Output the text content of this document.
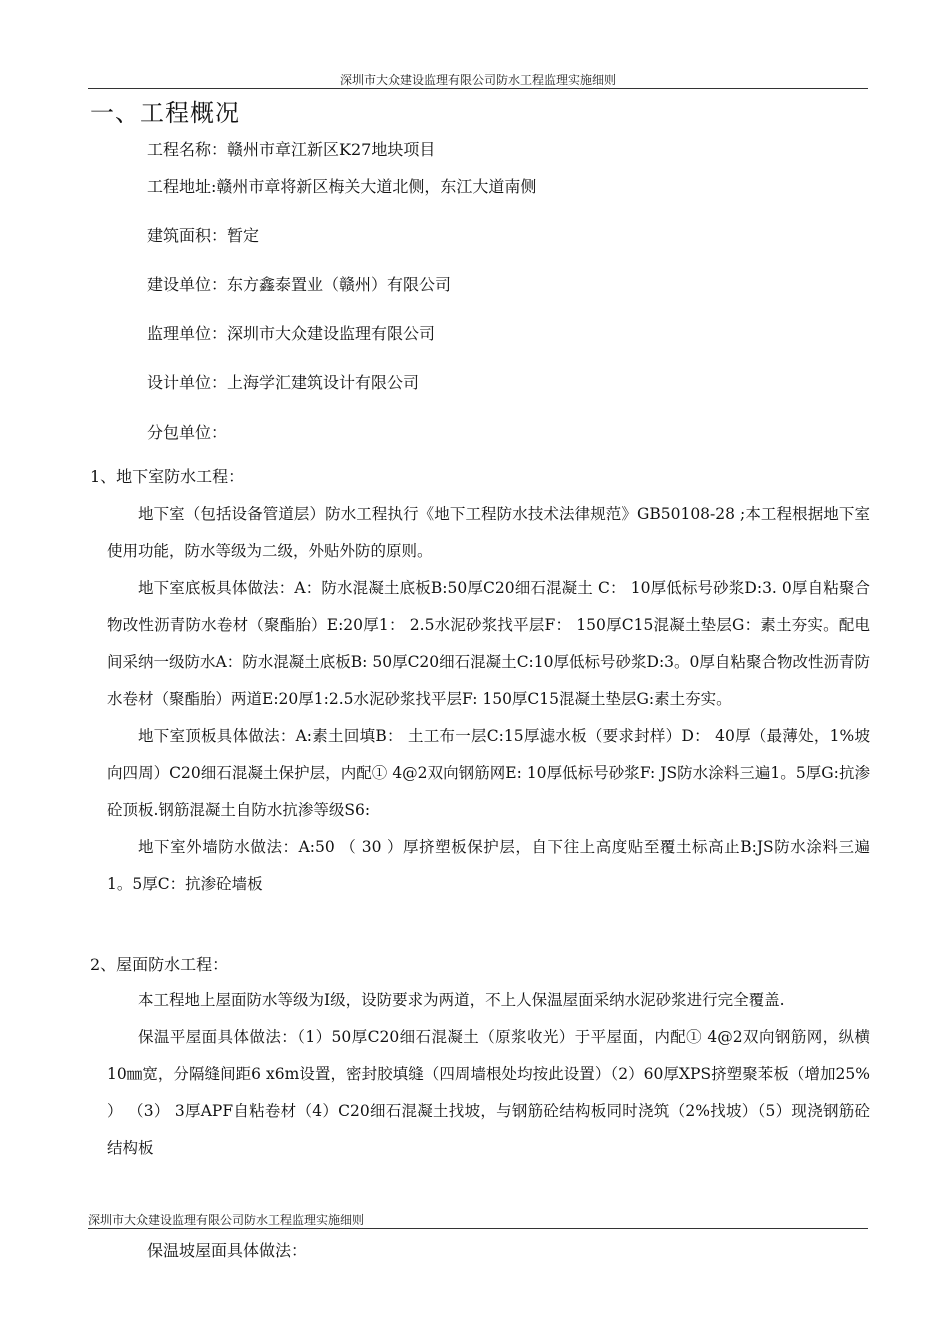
深圳市大众建设监理有限公司防水工程监理实施细则
一、工程概况
工程名称：赣州市章江新区K27地块项目
工程地址:赣州市章将新区梅关大道北侧，东江大道南侧
建筑面积：暂定
建设单位：东方鑫泰置业（赣州）有限公司
监理单位：深圳市大众建设监理有限公司
设计单位：上海学汇建筑设计有限公司
分包单位：
1、地下室防水工程：

地下室（包括设备管道层）防水工程执行《地下工程防水技术法律规范》GB50108-28 ;本工程根据地下室使用功能，防水等级为二级，外贴外防的原则。

地下室底板具体做法：A：防水混凝土底板B:50厚C20细石混凝土 C： 10厚低标号砂浆D:3. 0厚自粘聚合物改性沥青防水卷材（聚酯胎）E:20厚1： 2.5水泥砂浆找平层F： 150厚C15混凝土垫层G：素土夯实。配电间采纳一级防水A：防水混凝土底板B: 50厚C20细石混凝土C:10厚低标号砂浆D:3。0厚自粘聚合物改性沥青防水卷材（聚酯胎）两道E:20厚1:2.5水泥砂浆找平层F: 150厚C15混凝土垫层G:素土夯实。

地下室顶板具体做法：A:素土回填B： 土工布一层C:15厚滤水板（要求封样）D： 40厚（最薄处，1%坡向四周）C20细石混凝土保护层，内配① 4@2双向钢筋网E: 10厚低标号砂浆F: JS防水涂料三遍1。5厚G:抗渗砼顶板.钢筋混凝土自防水抗渗等级S6:

地下室外墙防水做法：A:50 （ 30 ）厚挤塑板保护层，自下往上高度贴至覆土标高止B:JS防水涂料三遍1。5厚C：抗渗砼墙板

2、屋面防水工程：

本工程地上屋面防水等级为Ⅰ级，设防要求为两道，不上人保温屋面采纳水泥砂浆进行完全覆盖.

保温平屋面具体做法：（1）50厚C20细石混凝土（原浆收光）于平屋面，内配① 4@2双向钢筋网，纵横10㎜宽，分隔缝间距6 x6m设置，密封胶填缝（四周墙根处均按此设置）（2）60厚XPS挤塑聚苯板（增加25% ） （3） 3厚APF自粘卷材（4）C20细石混凝土找坡，与钢筋砼结构板同时浇筑（2%找坡）（5）现浇钢筋砼结构板

深圳市大众建设监理有限公司防水工程监理实施细则
保温坡屋面具体做法：
